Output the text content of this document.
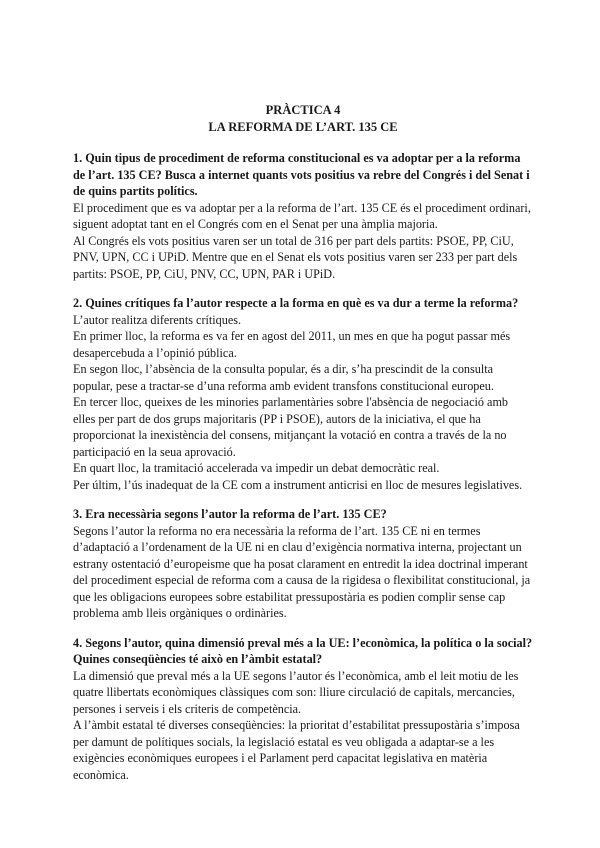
PRÀCTICA 4

LA REFORMA DE L’ART. 135 CE

1. Quin tipus de procediment de reforma constitucional es va adoptar per a la reforma de l’art. 135 CE? Busca a internet quants vots positius va rebre del Congrés i del Senat i de quins partits polítics.

El procediment que es va adoptar per a la reforma de l’art. 135 CE és el procediment ordinari, siguent adoptat tant en el Congrés com en el Senat per una àmplia majoria.

Al Congrés els vots positius varen ser un total de 316 per part dels partits: PSOE, PP, CiU, PNV, UPN, CC i UPiD. Mentre que en el Senat els vots positius varen ser 233 per part dels partits: PSOE, PP, CiU, PNV, CC, UPN, PAR i UPiD.

2. Quines crítiques fa l’autor respecte a la forma en què es va dur a terme la reforma?

L’autor realitza diferents crítiques.

En primer lloc, la reforma es va fer en agost del 2011, un mes en que ha pogut passar més desapercebuda a l’opinió pública.

En segon lloc, l’absència de la consulta popular, és a dir, s’ha prescindit de la consulta popular, pese a tractar-se d’una reforma amb evident transfons constitucional europeu.

En tercer lloc, queixes de les minories parlamentàries sobre l'absència de negociació amb elles per part de dos grups majoritaris (PP i PSOE), autors de la iniciativa, el que ha proporcionat la inexistència del consens, mitjançant la votació en contra a través de la no participació en la seua aprovació.

En quart lloc, la tramitació accelerada va impedir un debat democràtic real.

Per últim, l’ús inadequat de la CE com a instrument anticrisi en lloc de mesures legislatives.

3. Era necessària segons l’autor la reforma de l’art. 135 CE?

Segons l’autor la reforma no era necessària la reforma de l’art. 135 CE ni en termes d’adaptació a l’ordenament de la UE ni en clau d’exigència normativa interna, projectant un estrany ostentació d’europeisme que ha posat clarament en entredit la idea doctrinal imperant del procediment especial de reforma com a causa de la rigidesa o flexibilitat constitucional, ja que les obligacions europees sobre estabilitat pressupostària es podien complir sense cap problema amb lleis orgàniques o ordinàries.

4. Segons l’autor, quina dimensió preval més a la UE: l’econòmica, la política o la social? Quines conseqüències té això en l’àmbit estatal?

La dimensió que preval més a la UE segons l’autor és l’econòmica, amb el leit motiu de les quatre llibertats econòmiques clàssiques com son: lliure circulació de capitals, mercancies, persones i serveis i els criteris de competència.

A l’àmbit estatal té diverses conseqüències: la prioritat d’estabilitat pressupostària s’imposa per damunt de polítiques socials, la legislació estatal es veu obligada a adaptar-se a les exigències econòmiques europees i el Parlament perd capacitat legislativa en matèria econòmica.
